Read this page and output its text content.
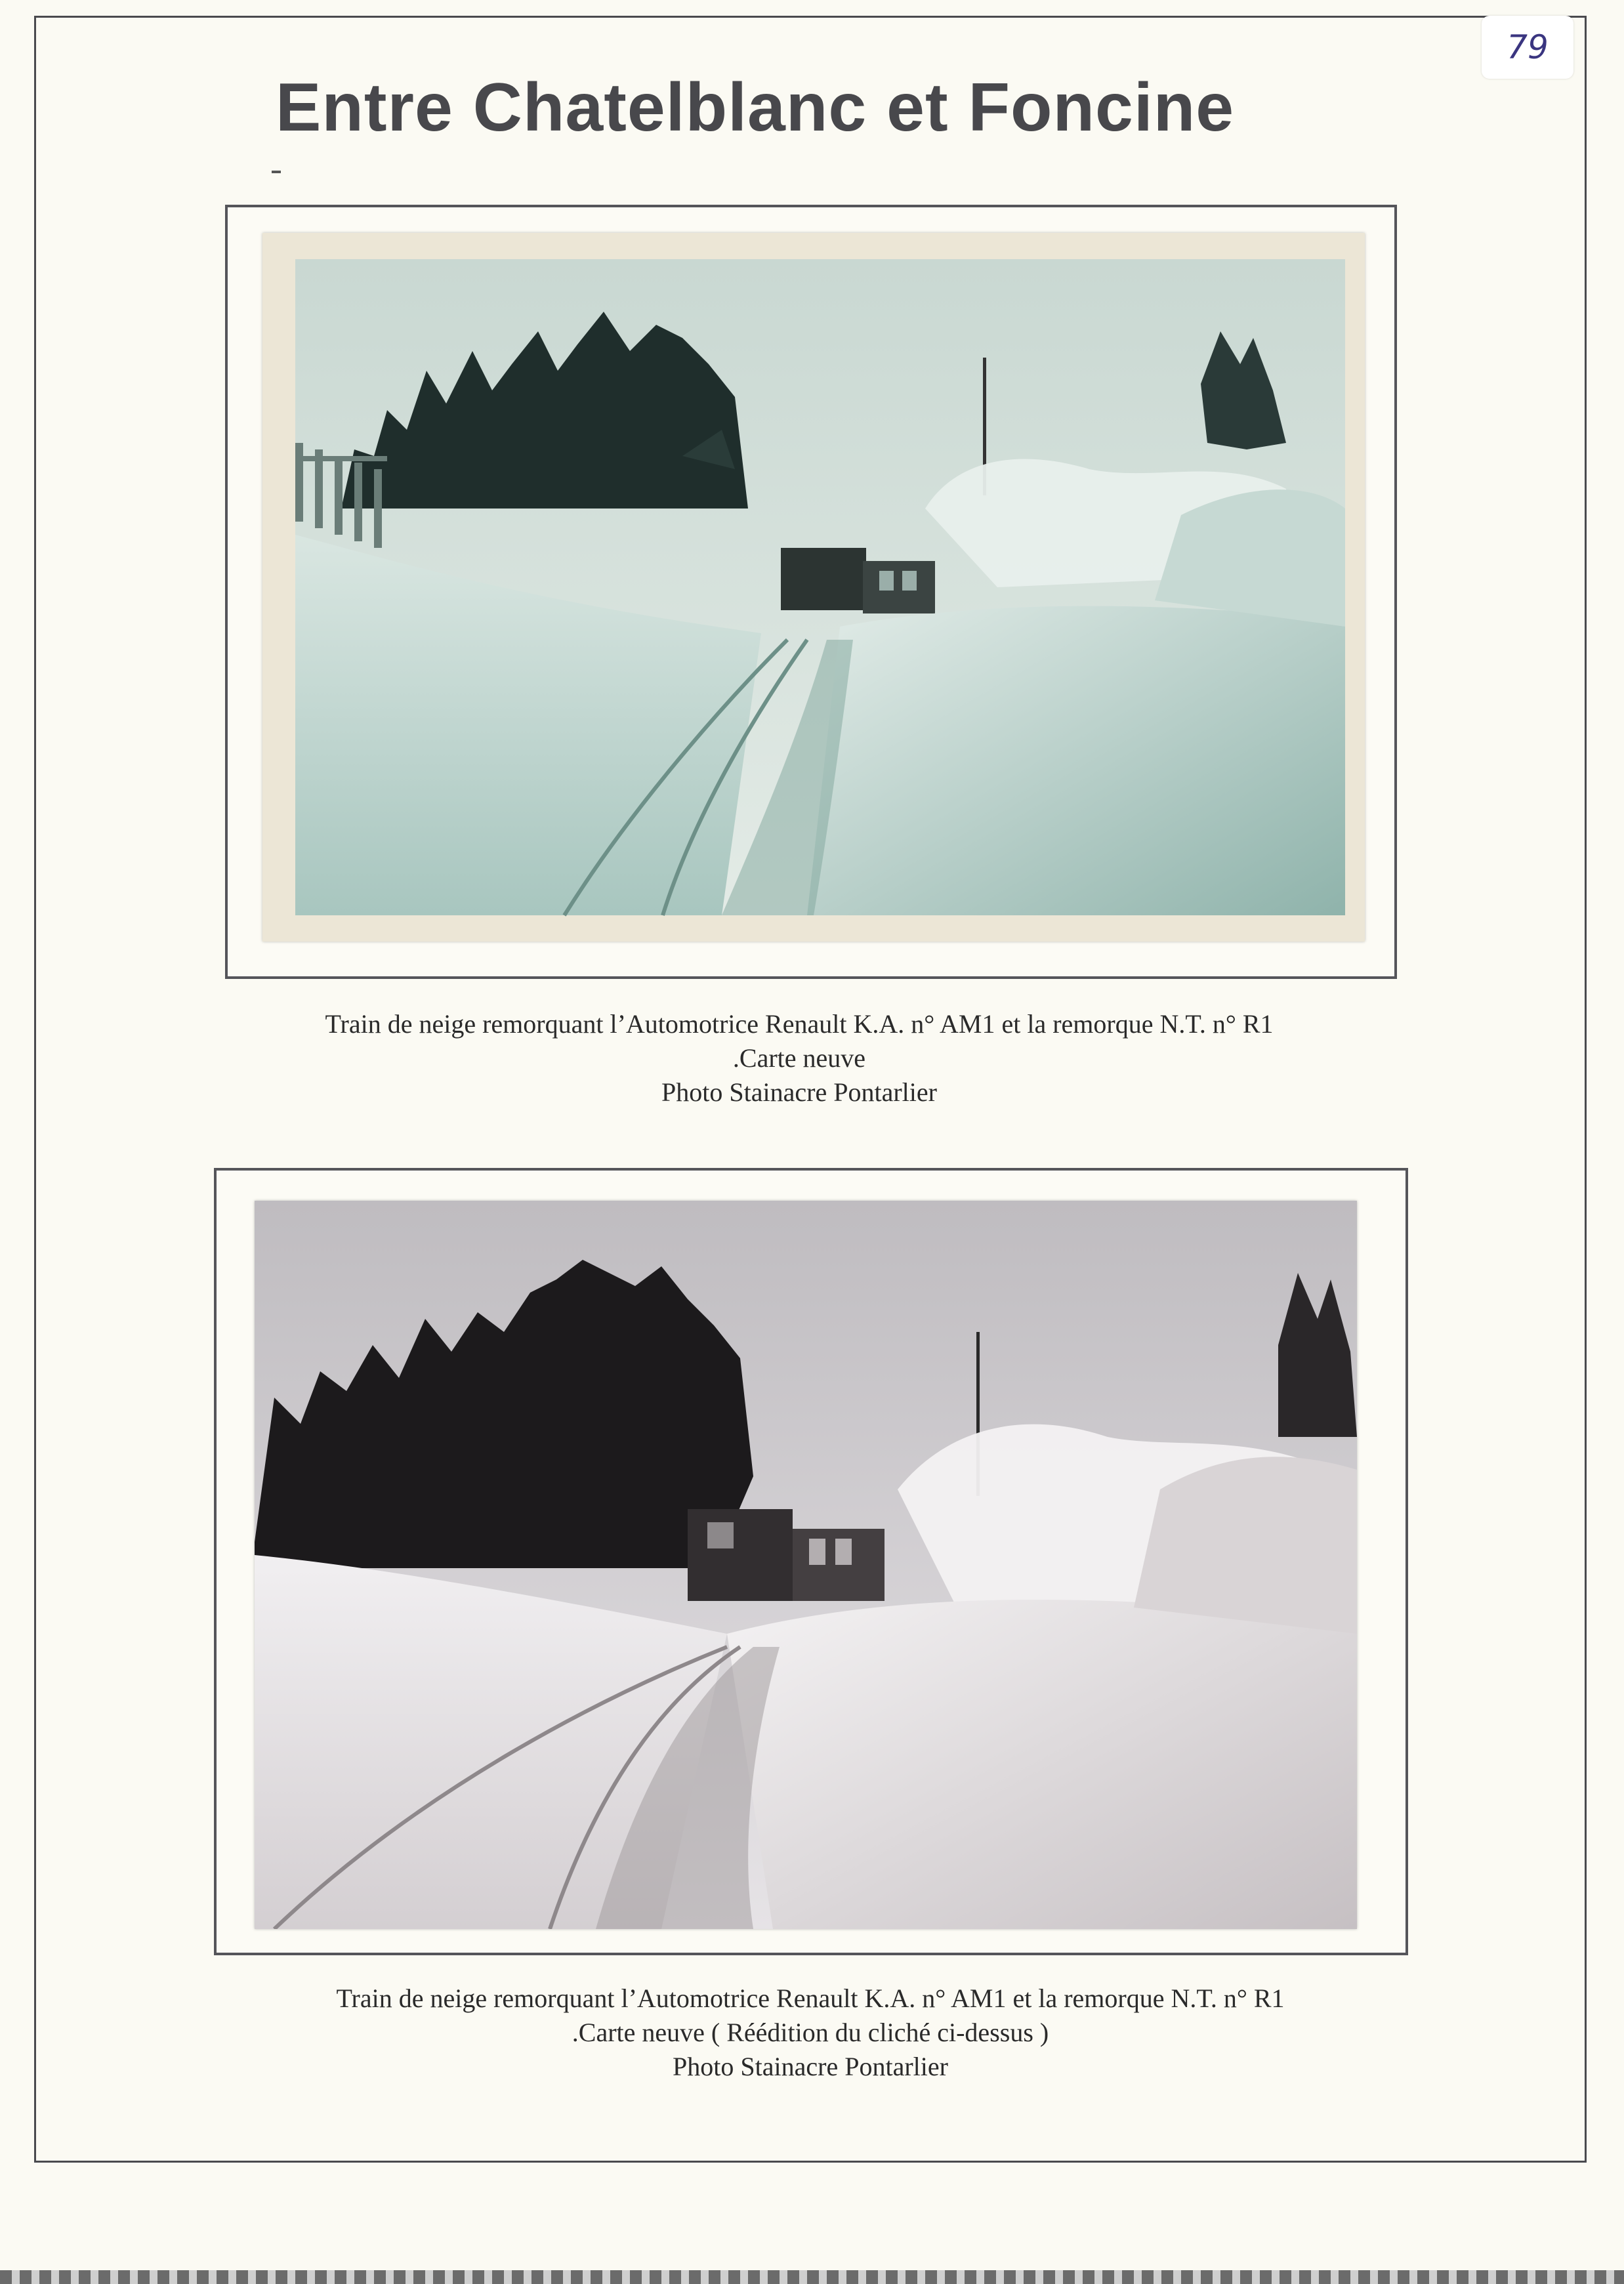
79
Entre Chatelblanc et Foncine
Train de neige remorquant l’Automotrice Renault K.A. n° AM1 et la remorque N.T. n° R1
.Carte neuve
Photo Stainacre Pontarlier
Train de neige remorquant l’Automotrice Renault K.A. n° AM1 et la remorque N.T. n° R1
.Carte neuve ( Réédition du cliché ci-dessus )
Photo Stainacre Pontarlier
